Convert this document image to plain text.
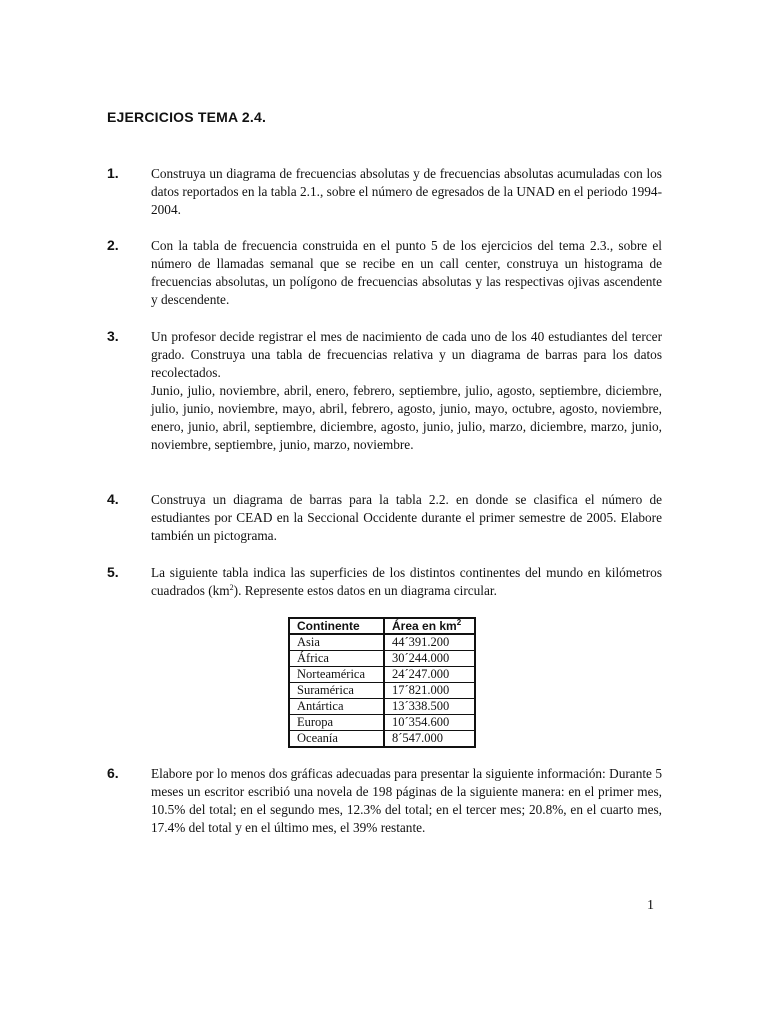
EJERCICIOS TEMA 2.4.
1. Construya un diagrama de frecuencias absolutas y de frecuencias absolutas acumuladas con los datos reportados en la tabla 2.1., sobre el número de egresados de la UNAD en el periodo 1994-2004.
2. Con la tabla de frecuencia construida en el punto 5 de los ejercicios del tema 2.3., sobre el número de llamadas semanal que se recibe en un call center, construya un histograma de frecuencias absolutas, un polígono de frecuencias absolutas y las respectivas ojivas ascendente y descendente.
3. Un profesor decide registrar el mes de nacimiento de cada uno de los 40 estudiantes del tercer grado. Construya una tabla de frecuencias relativa y un diagrama de barras para los datos recolectados.

Junio, julio, noviembre, abril, enero, febrero, septiembre, julio, agosto, septiembre, diciembre, julio, junio, noviembre, mayo, abril, febrero, agosto, junio, mayo, octubre, agosto, noviembre, enero, junio, abril, septiembre, diciembre, agosto, junio, julio, marzo, diciembre, marzo, junio, noviembre, septiembre, junio, marzo, noviembre.

4. Construya un diagrama de barras para la tabla 2.2. en donde se clasifica el número de estudiantes por CEAD en la Seccional Occidente durante el primer semestre de 2005. Elabore también un pictograma.
5. La siguiente tabla indica las superficies de los distintos continentes del mundo en kilómetros cuadrados $(km^2)$. Represente estos datos en un diagrama circular.
Continente	Área en $km^2$
Asia	44´391.200
África	30´244.000
Norteamérica	24´247.000
Suramérica	17´821.000
Antártica	13´338.500
Europa	10´354.600
Oceanía	8´547.000
6. Elabore por lo menos dos gráficas adecuadas para presentar la siguiente información: Durante 5 meses un escritor escribió una novela de 198 páginas de la siguiente manera: en el primer mes, 10.5% del total; en el segundo mes, 12.3% del total; en el tercer mes; 20.8%, en el cuarto mes, 17.4% del total y en el último mes, el 39% restante.
1
